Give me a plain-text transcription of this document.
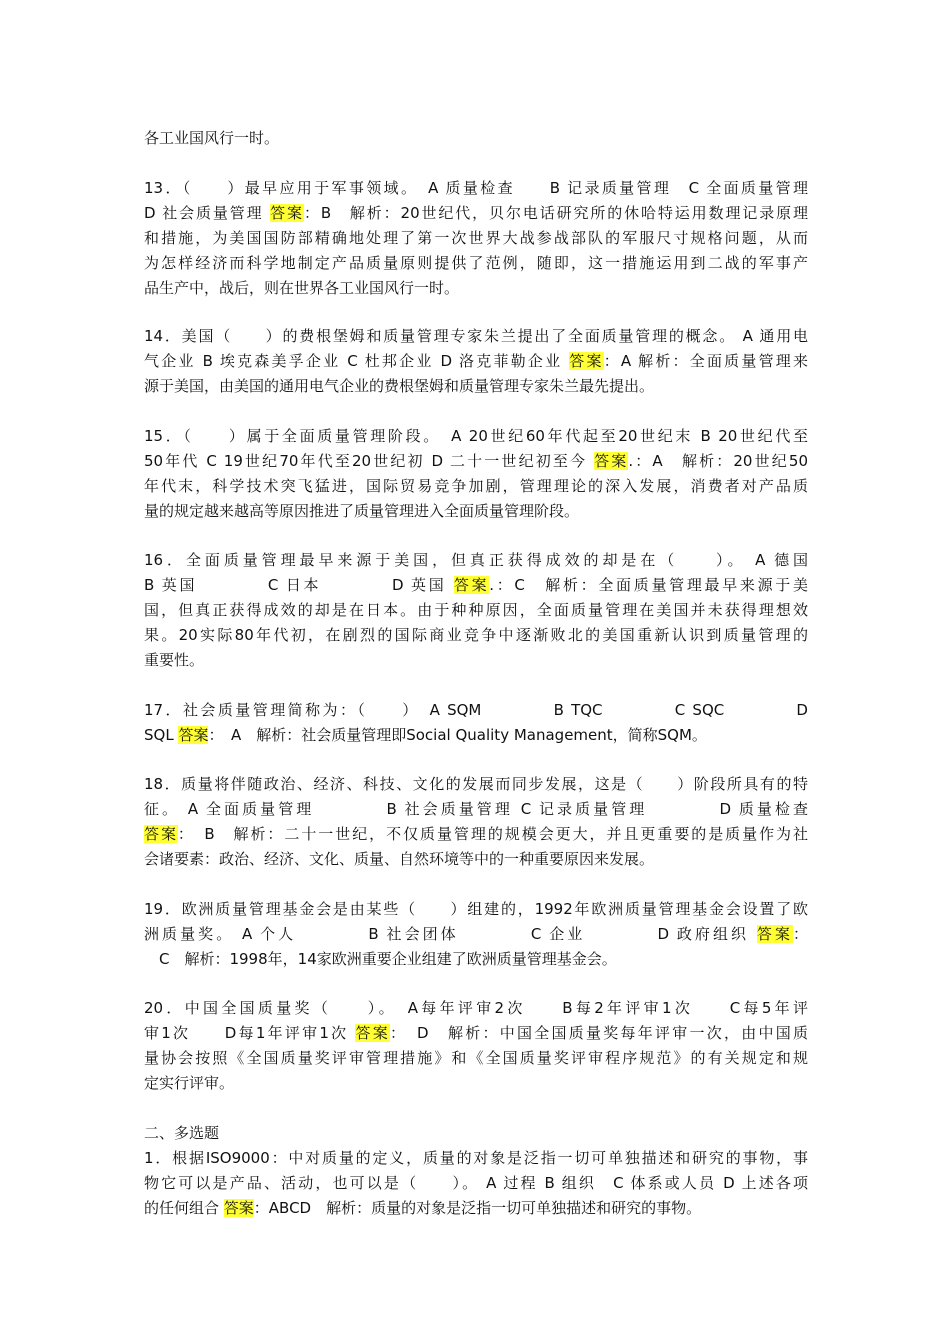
各工业国风行一时。
13．（　　）最早应用于军事领域。　A 质量检查　　B 记录质量管理　C 全面质量管理
D 社会质量管理 答案：B　解析：20世纪代，贝尔电话研究所的休哈特运用数理记录原理
和措施，为美国国防部精确地处理了第一次世界大战参战部队的军服尺寸规格问题，从而
为怎样经济而科学地制定产品质量原则提供了范例，随即，这一措施运用到二战的军事产
品生产中，战后，则在世界各工业国风行一时。
14．美国（　　）的费根堡姆和质量管理专家朱兰提出了全面质量管理的概念。 A 通用电
气企业 B 埃克森美孚企业 C 杜邦企业 D 洛克菲勒企业 答案：A 解析：全面质量管理来
源于美国，由美国的通用电气企业的费根堡姆和质量管理专家朱兰最先提出。
15．（　　）属于全面质量管理阶段。　A 20世纪60年代起至20世纪末 B 20世纪代至
50年代 C 19世纪70年代至20世纪初 D 二十一世纪初至今 答案.：A　解析：20世纪50
年代末，科学技术突飞猛进，国际贸易竞争加剧，管理理论的深入发展，消费者对产品质
量的规定越来越高等原因推进了质量管理进入全面质量管理阶段。
16．全面质量管理最早来源于美国，但真正获得成效的却是在（　　）。 A 德国
B 英国　　　　C 日本　　　　D 英国 答案.：C　解析：全面质量管理最早来源于美
国，但真正获得成效的却是在日本。由于种种原因，全面质量管理在美国并未获得理想效
果。20实际80年代初，在剧烈的国际商业竞争中逐渐败北的美国重新认识到质量管理的
重要性。
17．社会质量管理简称为：（　　）　A SQM　　　　B TQC　　　　C SQC　　　　D
SQL 答案：　A　解析：社会质量管理即Social Quality Management，简称SQM。
18．质量将伴随政治、经济、科技、文化的发展而同步发展，这是（　　）阶段所具有的特
征。 A 全面质量管理　　　　B 社会质量管理 C 记录质量管理　　　　D 质量检查
答案：　B　解析：二十一世纪，不仅质量管理的规模会更大，并且更重要的是质量作为社
会诸要素：政治、经济、文化、质量、自然环境等中的一种重要原因来发展。
19．欧洲质量管理基金会是由某些（　　）组建的，1992年欧洲质量管理基金会设置了欧
洲质量奖。 A 个人　　　　B 社会团体　　　　C 企业　　　　D 政府组织 答案：
　C　解析：1998年，14家欧洲重要企业组建了欧洲质量管理基金会。
20．中国全国质量奖（　　）。　A每年评审2次　　B每2年评审1次　　C每5年评
审1次　　D每1年评审1次 答案：　D　解析：中国全国质量奖每年评审一次，由中国质
量协会按照《全国质量奖评审管理措施》和《全国质量奖评审程序规范》的有关规定和规
定实行评审。
二、多选题
1．根据ISO9000：中对质量的定义，质量的对象是泛指一切可单独描述和研究的事物，事
物它可以是产品、活动，也可以是（　　）。 A 过程 B 组织　C 体系或人员 D 上述各项
的任何组合 答案：ABCD　解析：质量的对象是泛指一切可单独描述和研究的事物。
